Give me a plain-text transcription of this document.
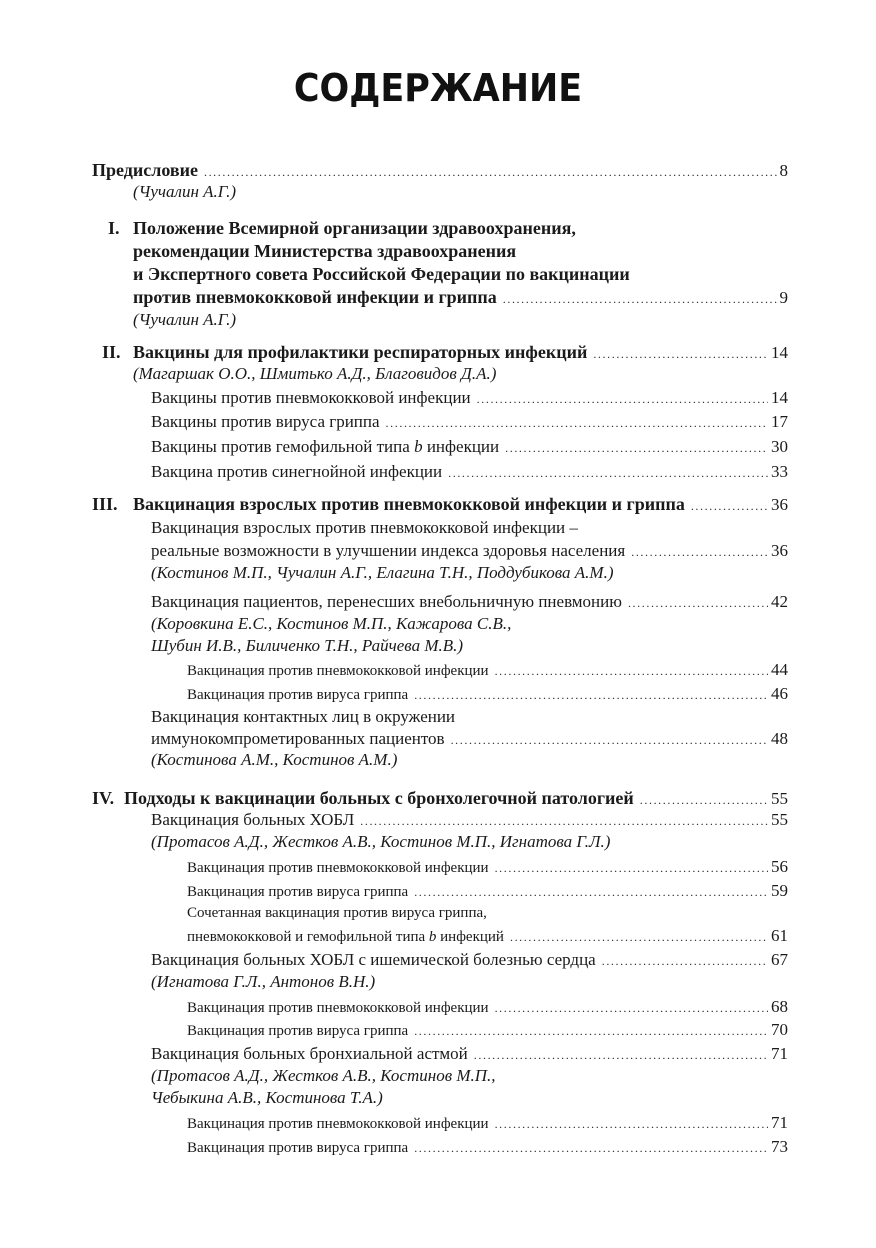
СОДЕРЖАНИЕ
Предисловие .....	8
(Чучалин А.Г.)
I. Положение Всемирной организации здравоохранения,
рекомендации Министерства здравоохранения
и Экспертного совета Российской Федерации по вакцинации
против пневмококковой инфекции и гриппа .....	9
(Чучалин А.Г.)
II. Вакцины для профилактики респираторных инфекций .....	14
(Магаршак О.О., Шмитько А.Д., Благовидов Д.А.)
Вакцины против пневмококковой инфекции .....	14
Вакцины против вируса гриппа .....	17
Вакцины против гемофильной типа b инфекции .....	30
Вакцина против синегнойной инфекции .....	33
III. Вакцинация взрослых против пневмококковой инфекции и гриппа .....	36
Вакцинация взрослых против пневмококковой инфекции –
реальные возможности в улучшении индекса здоровья населения .....	36
(Костинов М.П., Чучалин А.Г., Елагина Т.Н., Поддубикова А.М.)
Вакцинация пациентов, перенесших внебольничную пневмонию .....	42
(Коровкина Е.С., Костинов М.П., Кажарова С.В.,
Шубин И.В., Биличенко Т.Н., Райчева М.В.)
Вакцинация против пневмококковой инфекции .....	44
Вакцинация против вируса гриппа .....	46
Вакцинация контактных лиц в окружении
иммунокомпрометированных пациентов .....	48
(Костинова А.М., Костинов А.М.)
IV. Подходы к вакцинации больных с бронхолегочной патологией .....	55
Вакцинация больных ХОБЛ .....	55
(Протасов А.Д., Жестков А.В., Костинов М.П., Игнатова Г.Л.)
Вакцинация против пневмококковой инфекции .....	56
Вакцинация против вируса гриппа .....	59
Сочетанная вакцинация против вируса гриппа,
пневмококковой и гемофильной типа b инфекций .....	61
Вакцинация больных ХОБЛ с ишемической болезнью сердца .....	67
(Игнатова Г.Л., Антонов В.Н.)
Вакцинация против пневмококковой инфекции .....	68
Вакцинация против вируса гриппа .....	70
Вакцинация больных бронхиальной астмой .....	71
(Протасов А.Д., Жестков А.В., Костинов М.П.,
Чебыкина А.В., Костинова Т.А.)
Вакцинация против пневмококковой инфекции .....	71
Вакцинация против вируса гриппа .....	73
